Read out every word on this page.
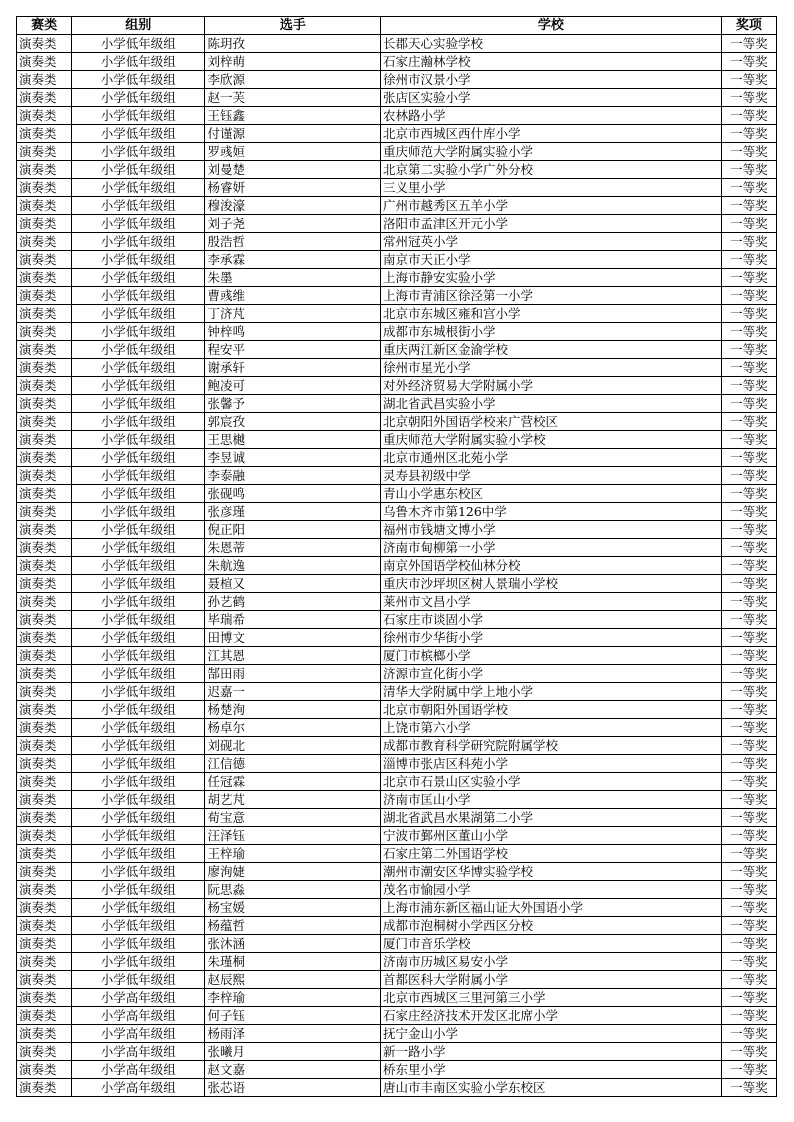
赛类	组别	选手	学校	奖项
演奏类	小学低年级组	陈玥孜	长郡天心实验学校	一等奖
演奏类	小学低年级组	刘梓萌	石家庄瀚林学校	一等奖
演奏类	小学低年级组	李欣源	徐州市汉景小学	一等奖
演奏类	小学低年级组	赵一芙	张店区实验小学	一等奖
演奏类	小学低年级组	王钰鑫	农林路小学	一等奖
演奏类	小学低年级组	付谨源	北京市西城区西什库小学	一等奖
演奏类	小学低年级组	罗彧姮	重庆师范大学附属实验小学	一等奖
演奏类	小学低年级组	刘曼楚	北京第二实验小学广外分校	一等奖
演奏类	小学低年级组	杨睿妍	三义里小学	一等奖
演奏类	小学低年级组	穆浚濠	广州市越秀区五羊小学	一等奖
演奏类	小学低年级组	刘子尧	洛阳市孟津区开元小学	一等奖
演奏类	小学低年级组	殷浩哲	常州冠英小学	一等奖
演奏类	小学低年级组	李承霖	南京市天正小学	一等奖
演奏类	小学低年级组	朱墨	上海市静安实验小学	一等奖
演奏类	小学低年级组	曹彧维	上海市青浦区徐泾第一小学	一等奖
演奏类	小学低年级组	丁济芃	北京市东城区雍和宫小学	一等奖
演奏类	小学低年级组	钟梓鸣	成都市东城根街小学	一等奖
演奏类	小学低年级组	程安平	重庆两江新区金渝学校	一等奖
演奏类	小学低年级组	谢承轩	徐州市星光小学	一等奖
演奏类	小学低年级组	鲍凌可	对外经济贸易大学附属小学	一等奖
演奏类	小学低年级组	张馨予	湖北省武昌实验小学	一等奖
演奏类	小学低年级组	郭宸孜	北京朝阳外国语学校来广营校区	一等奖
演奏类	小学低年级组	王思樾	重庆师范大学附属实验小学校	一等奖
演奏类	小学低年级组	李昱诚	北京市通州区北苑小学	一等奖
演奏类	小学低年级组	李泰融	灵寿县初级中学	一等奖
演奏类	小学低年级组	张砚鸣	青山小学惠东校区	一等奖
演奏类	小学低年级组	张彦瑾	乌鲁木齐市第126中学	一等奖
演奏类	小学低年级组	倪正阳	福州市钱塘文博小学	一等奖
演奏类	小学低年级组	朱恩蒂	济南市甸柳第一小学	一等奖
演奏类	小学低年级组	朱航逸	南京外国语学校仙林分校	一等奖
演奏类	小学低年级组	聂楦又	重庆市沙坪坝区树人景瑞小学校	一等奖
演奏类	小学低年级组	孙艺鹤	莱州市文昌小学	一等奖
演奏类	小学低年级组	毕瑞希	石家庄市谈固小学	一等奖
演奏类	小学低年级组	田博文	徐州市少华街小学	一等奖
演奏类	小学低年级组	江其恩	厦门市槟榔小学	一等奖
演奏类	小学低年级组	郜田雨	济源市宣化街小学	一等奖
演奏类	小学低年级组	迟嘉一	清华大学附属中学上地小学	一等奖
演奏类	小学低年级组	杨楚洵	北京市朝阳外国语学校	一等奖
演奏类	小学低年级组	杨卓尔	上饶市第六小学	一等奖
演奏类	小学低年级组	刘砚北	成都市教育科学研究院附属学校	一等奖
演奏类	小学低年级组	江信德	淄博市张店区科苑小学	一等奖
演奏类	小学低年级组	任冠霖	北京市石景山区实验小学	一等奖
演奏类	小学低年级组	胡艺芃	济南市匡山小学	一等奖
演奏类	小学低年级组	荀宝意	湖北省武昌水果湖第二小学	一等奖
演奏类	小学低年级组	汪泽钰	宁波市鄞州区董山小学	一等奖
演奏类	小学低年级组	王梓瑜	石家庄第二外国语学校	一等奖
演奏类	小学低年级组	廖洵婕	潮州市潮安区华博实验学校	一等奖
演奏类	小学低年级组	阮思淼	茂名市愉园小学	一等奖
演奏类	小学低年级组	杨宝媛	上海市浦东新区福山证大外国语小学	一等奖
演奏类	小学低年级组	杨蕴哲	成都市泡桐树小学西区分校	一等奖
演奏类	小学低年级组	张沐涵	厦门市音乐学校	一等奖
演奏类	小学低年级组	朱瑾桐	济南市历城区易安小学	一等奖
演奏类	小学低年级组	赵辰熙	首都医科大学附属小学	一等奖
演奏类	小学高年级组	李梓瑜	北京市西城区三里河第三小学	一等奖
演奏类	小学高年级组	何子钰	石家庄经济技术开发区北席小学	一等奖
演奏类	小学高年级组	杨雨泽	抚宁金山小学	一等奖
演奏类	小学高年级组	张曦月	新一路小学	一等奖
演奏类	小学高年级组	赵文嘉	桥东里小学	一等奖
演奏类	小学高年级组	张芯语	唐山市丰南区实验小学东校区	一等奖
